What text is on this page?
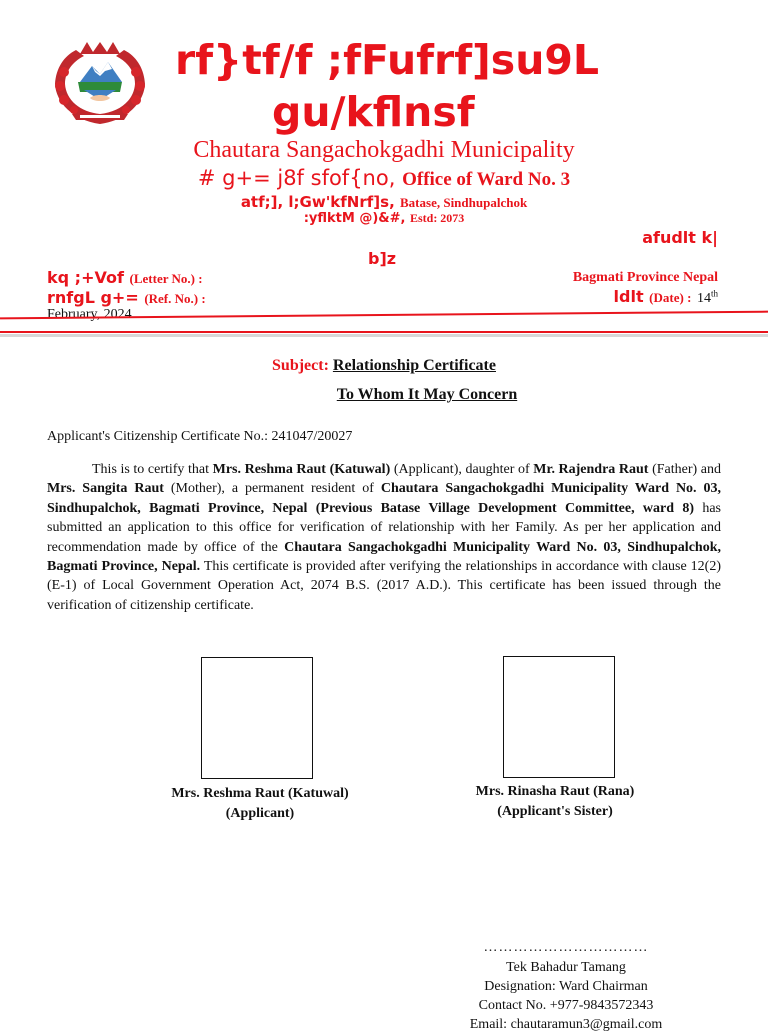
rf}tf/f ;fFufrf]su9L
gu/kflnsf
Chautara Sangachokgadhi Municipality
# g+= j8f sfof{no, Office of Ward No. 3
atf;], l;Gw'kfNrf]s, Batase, Sindhupalchok
:yflktM @)&#, Estd: 2073
afudlt k|
b]z
kq ;+Vof (Letter No.) :	Bagmati Province Nepal
rnfgL g+= (Ref. No.) :	ldlt (Date) : 14th
February, 2024
Subject: Relationship Certificate
To Whom It May Concern
Applicant's Citizenship Certificate No.: 241047/20027
This is to certify that Mrs. Reshma Raut (Katuwal) (Applicant), daughter of Mr. Rajendra Raut (Father) and Mrs. Sangita Raut (Mother), a permanent resident of Chautara Sangachokgadhi Municipality Ward No. 03, Sindhupalchok, Bagmati Province, Nepal (Previous Batase Village Development Committee, ward 8) has submitted an application to this office for verification of relationship with her Family. As per her application and recommendation made by office of the Chautara Sangachokgadhi Municipality Ward No. 03, Sindhupalchok, Bagmati Province, Nepal. This certificate is provided after verifying the relationships in accordance with clause 12(2) (E-1) of Local Government Operation Act, 2074 B.S. (2017 A.D.). This certificate has been issued through the verification of citizenship certificate.
Mrs. Reshma Raut (Katuwal)
(Applicant)
Mrs. Rinasha Raut (Rana)
(Applicant's Sister)
……………………………
Tek Bahadur Tamang
Designation: Ward Chairman
Contact No. +977-9843572343
Email: chautaramun3@gmail.com
